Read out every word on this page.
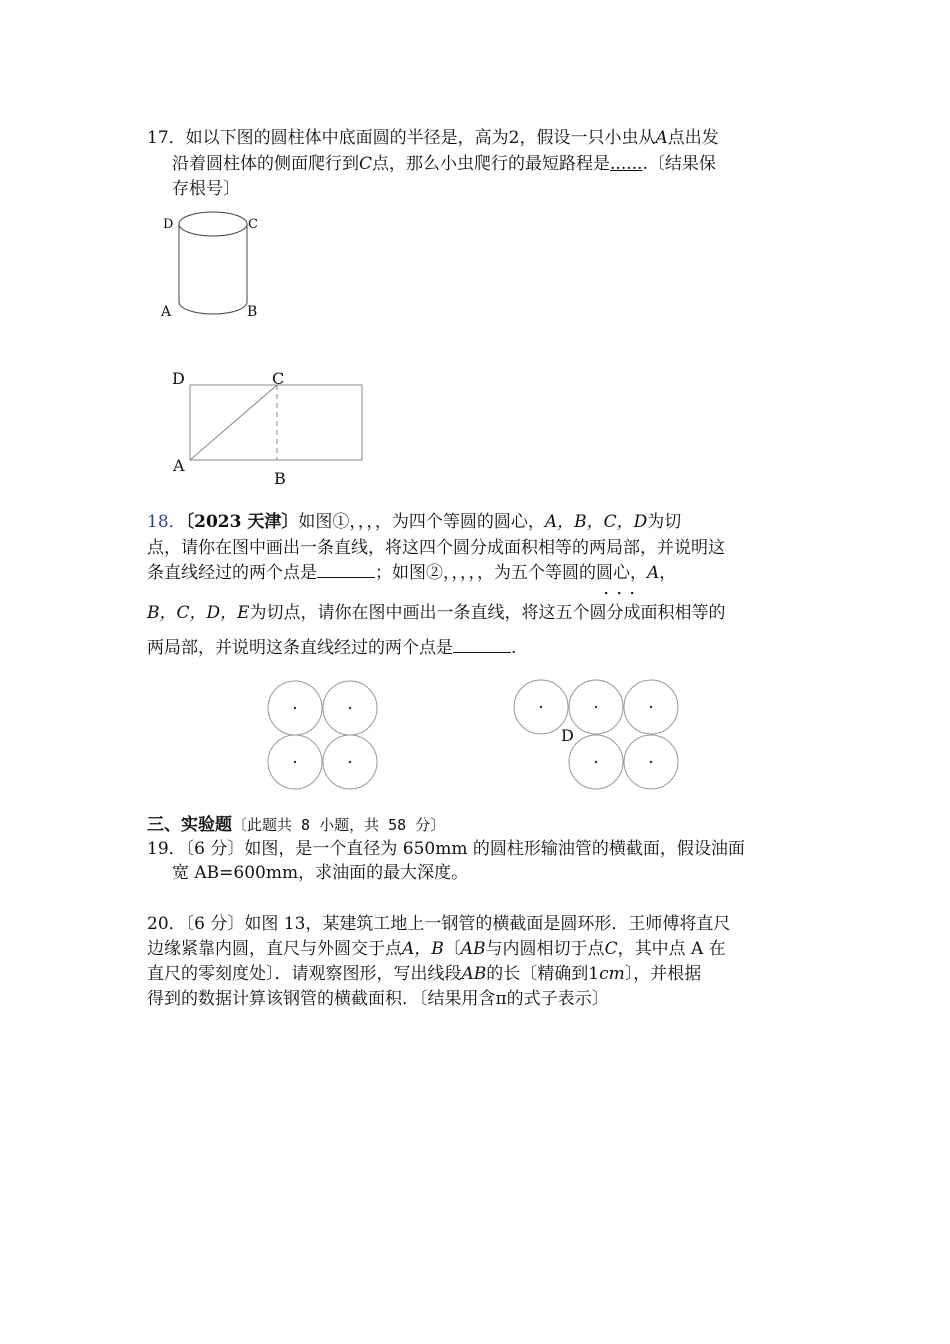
17．如以下图的圆柱体中底面圆的半径是，高为2，假设一只小虫从A点出发
沿着圆柱体的侧面爬行到C点，那么小虫爬行的最短路程是.......〔结果保
存根号〕
D	C
A	B
D	C
A
B
D
18．〔2023 天津〕如图①，，，，为四个等圆的圆心，A，B，C，D为切
点，请你在图中画出一条直线，将这四个圆分成面积相等的两局部，并说明这
条直线经过的两个点是	；如图②，，，，，为五个等圆的圆心，A，
．．．
B，C，D，E为切点，请你在图中画出一条直线，将这五个圆分成面积相等的
两局部，并说明这条直线经过的两个点是	.
三、实验题〔此题共 8 小题，共 58 分〕
19．〔6 分〕如图，是一个直径为 650mm 的圆柱形输油管的横截面，假设油面
宽 AB=600mm，求油面的最大深度。
20．〔6 分〕如图 13，某建筑工地上一钢管的横截面是圆环形．王师傅将直尺
边缘紧靠内圆，直尺与外圆交于点A，B〔AB与内圆相切于点C，其中点 A 在
直尺的零刻度处〕．请观察图形，写出线段AB的长〔精确到1cm〕，并根据
得到的数据计算该钢管的横截面积．〔结果用含π的式子表示〕
